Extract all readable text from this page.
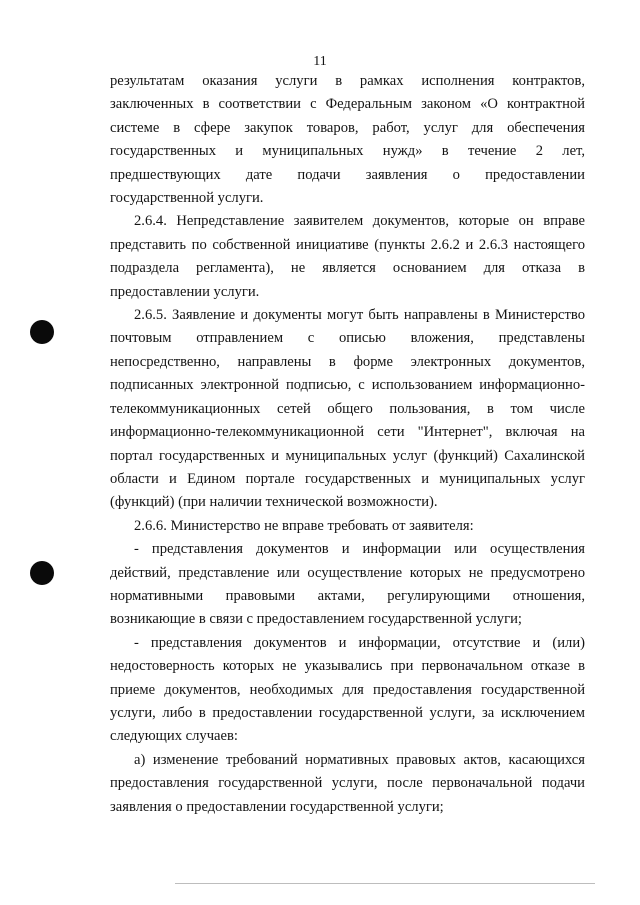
11

результатам оказания услуги в рамках исполнения контрактов, заключенных в соответствии с Федеральным законом «О контрактной системе в сфере закупок товаров, работ, услуг для обеспечения государственных и муниципальных нужд» в течение 2 лет, предшествующих дате подачи заявления о предоставлении государственной услуги.

2.6.4. Непредставление заявителем документов, которые он вправе представить по собственной инициативе (пункты 2.6.2 и 2.6.3 настоящего подраздела регламента), не является основанием для отказа в предоставлении услуги.

2.6.5. Заявление и документы могут быть направлены в Министерство почтовым отправлением с описью вложения, представлены непосредственно, направлены в форме электронных документов, подписанных электронной подписью, с использованием информационно-телекоммуникационных сетей общего пользования, в том числе информационно-телекоммуникационной сети "Интернет", включая на портал государственных и муниципальных услуг (функций) Сахалинской области и Едином портале государственных и муниципальных услуг (функций) (при наличии технической возможности).

2.6.6. Министерство не вправе требовать от заявителя:

- представления документов и информации или осуществления действий, представление или осуществление которых не предусмотрено нормативными правовыми актами, регулирующими отношения, возникающие в связи с предоставлением государственной услуги;

- представления документов и информации, отсутствие и (или) недостоверность которых не указывались при первоначальном отказе в приеме документов, необходимых для предоставления государственной услуги, либо в предоставлении государственной услуги, за исключением следующих случаев:

а) изменение требований нормативных правовых актов, касающихся предоставления государственной услуги, после первоначальной подачи заявления о предоставлении государственной услуги;
